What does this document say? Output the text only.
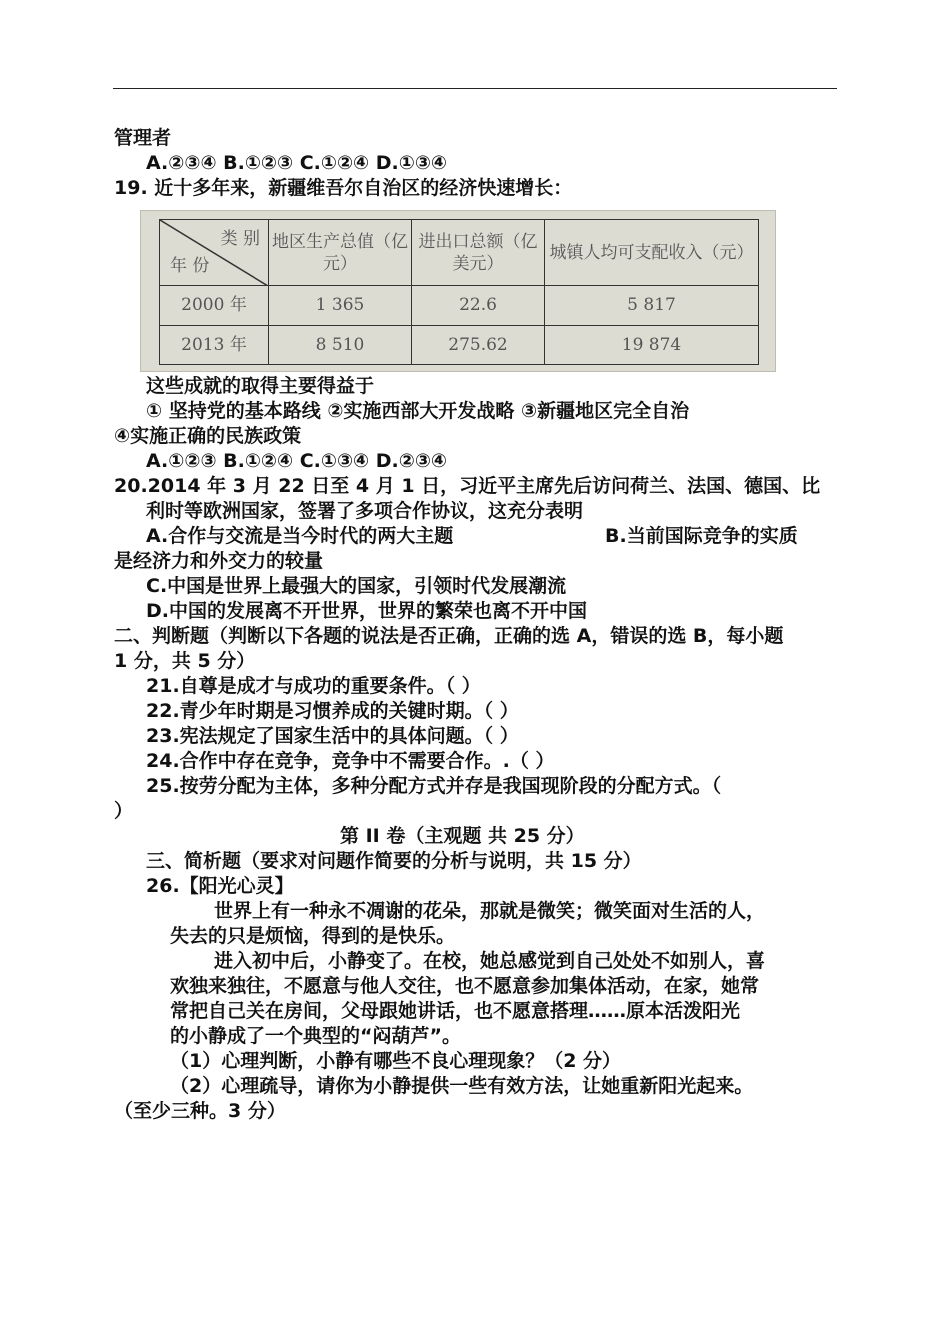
管理者
A.②③④ B.①②③ C.①②④ D.①③④
19. 近十多年来，新疆维吾尔自治区的经济快速增长：
类 别
年 份	地区生产总值（亿元）	进出口总额（亿美元）	城镇人均可支配收入（元）
2000 年	1 365	22.6	5 817
2013 年	8 510	275.62	19 874
这些成就的取得主要得益于
① 坚持党的基本路线 ②实施西部大开发战略 ③新疆地区完全自治
④实施正确的民族政策
A.①②③ B.①②④ C.①③④ D.②③④
20.2014 年 3 月 22 日至 4 月 1 日，习近平主席先后访问荷兰、法国、德国、比
利时等欧洲国家，签署了多项合作协议，这充分表明
A.合作与交流是当今时代的两大主题	B.当前国际竞争的实质
是经济力和外交力的较量
C.中国是世界上最强大的国家，引领时代发展潮流
D.中国的发展离不开世界，世界的繁荣也离不开中国
二、判断题（判断以下各题的说法是否正确，正确的选 A，错误的选 B，每小题
1 分，共 5 分）
21.自尊是成才与成功的重要条件。（ ）
22.青少年时期是习惯养成的关键时期。（ ）
23.宪法规定了国家生活中的具体问题。（ ）
24.合作中存在竞争，竞争中不需要合作。.（ ）
25.按劳分配为主体，多种分配方式并存是我国现阶段的分配方式。（
）
第 II 卷（主观题 共 25 分）
三、简析题（要求对问题作简要的分析与说明，共 15 分）
26.【阳光心灵】
世界上有一种永不凋谢的花朵，那就是微笑；微笑面对生活的人，
失去的只是烦恼，得到的是快乐。
进入初中后，小静变了。在校，她总感觉到自己处处不如别人，喜
欢独来独往，不愿意与他人交往，也不愿意参加集体活动，在家，她常
常把自己关在房间，父母跟她讲话，也不愿意搭理……原本活泼阳光
的小静成了一个典型的“闷葫芦”。
（1）心理判断，小静有哪些不良心理现象？（2 分）
（2）心理疏导，请你为小静提供一些有效方法，让她重新阳光起来。
（至少三种。3 分）
